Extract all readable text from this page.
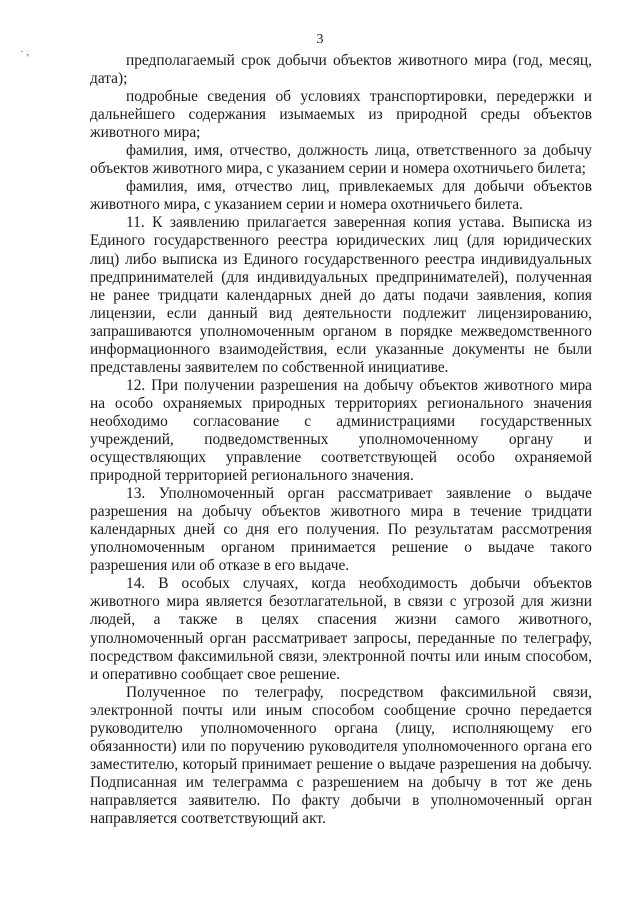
· ,
3

предполагаемый срок добычи объектов животного мира (год, месяц, дата);

подробные сведения об условиях транспортировки, передержки и дальнейшего содержания изымаемых из природной среды объектов животного мира;

фамилия, имя, отчество, должность лица, ответственного за добычу объектов животного мира, с указанием серии и номера охотничьего билета;

фамилия, имя, отчество лиц, привлекаемых для добычи объектов животного мира, с указанием серии и номера охотничьего билета.

11. К заявлению прилагается заверенная копия устава. Выписка из Единого государственного реестра юридических лиц (для юридических лиц) либо выписка из Единого государственного реестра индивидуальных предпринимателей (для индивидуальных предпринимателей), полученная не ранее тридцати календарных дней до даты подачи заявления, копия лицензии, если данный вид деятельности подлежит лицензированию, запрашиваются уполномоченным органом в порядке межведомственного информационного взаимодействия, если указанные документы не были представлены заявителем по собственной инициативе.

12. При получении разрешения на добычу объектов животного мира на особо охраняемых природных территориях регионального значения необходимо согласование с администрациями государственных учреждений, подведомственных уполномоченному органу и осуществляющих управление соответствующей особо охраняемой природной территорией регионального значения.

13. Уполномоченный орган рассматривает заявление о выдаче разрешения на добычу объектов животного мира в течение тридцати календарных дней со дня его получения. По результатам рассмотрения уполномоченным органом принимается решение о выдаче такого разрешения или об отказе в его выдаче.

14. В особых случаях, когда необходимость добычи объектов животного мира является безотлагательной, в связи с угрозой для жизни людей, а также в целях спасения жизни самого животного, уполномоченный орган рассматривает запросы, переданные по телеграфу, посредством факсимильной связи, электронной почты или иным способом, и оперативно сообщает свое решение.

Полученное по телеграфу, посредством факсимильной связи, электронной почты или иным способом сообщение срочно передается руководителю уполномоченного органа (лицу, исполняющему его обязанности) или по поручению руководителя уполномоченного органа его заместителю, который принимает решение о выдаче разрешения на добычу. Подписанная им телеграмма с разрешением на добычу в тот же день направляется заявителю. По факту добычи в уполномоченный орган направляется соответствующий акт.
